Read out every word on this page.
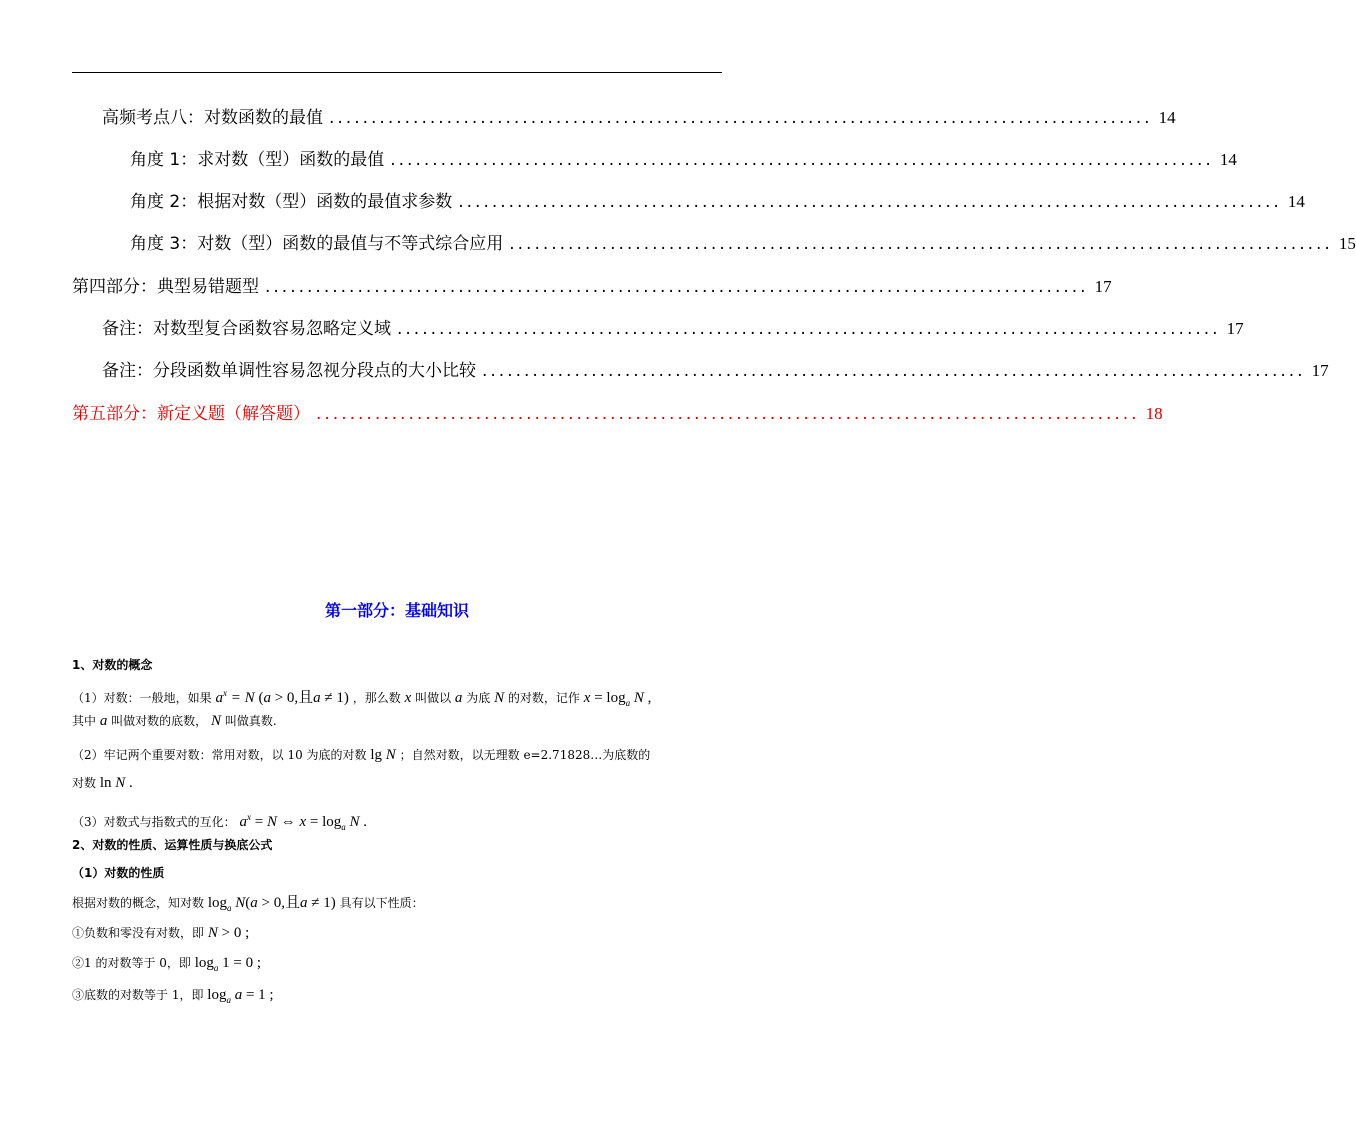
高频考点八：对数函数的最值 .................................................................................................. 14
角度 1：求对数（型）函数的最值 .................................................................................................. 14
角度 2：根据对数（型）函数的最值求参数 .................................................................................................. 14
角度 3：对数（型）函数的最值与不等式综合应用 .................................................................................................. 15
第四部分：典型易错题型 .................................................................................................. 17
备注：对数型复合函数容易忽略定义域 .................................................................................................. 17
备注：分段函数单调性容易忽视分段点的大小比较 .................................................................................................. 17
第五部分：新定义题（解答题） .................................................................................................. 18
第一部分：基础知识
1、对数的概念
（1）对数：一般地，如果 $a^x = N$ (a > 0,且a ≠ 1) ，那么数 x 叫做以 a 为底 N 的对数，记作 $x = \log_a N$ ,
其中 a 叫做对数的底数， N 叫做真数.
（2）牢记两个重要对数：常用对数，以 10 为底的对数 lg N ；自然对数，以无理数 e=2.71828…为底数的
对数 ln N .
（3）对数式与指数式的互化： $a^x = N$ ⇔ $x = \log_a N$ .
2、对数的性质、运算性质与换底公式
（1）对数的性质
根据对数的概念，知对数 $\log_a N(a > 0$,且a ≠ 1) 具有以下性质：
①负数和零没有对数，即 N > 0 ;
②1 的对数等于 0，即 $\log_a 1 = 0$ ;
③底数的对数等于 1，即 $\log_a a = 1$ ;
